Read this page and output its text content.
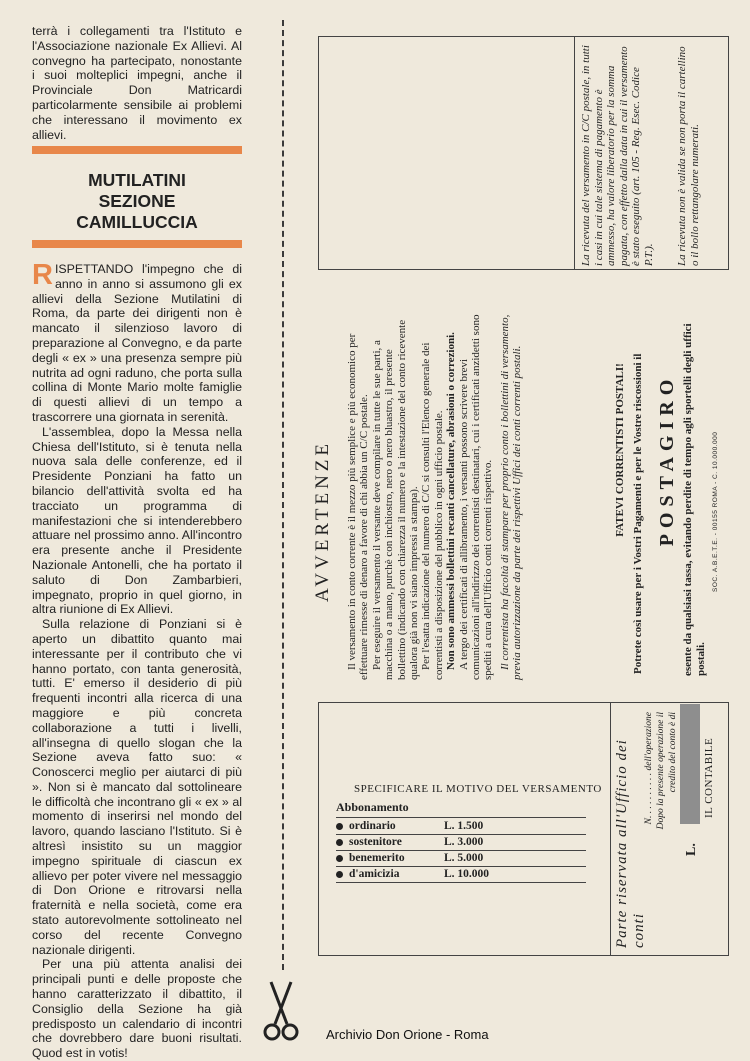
terrà i collegamenti tra l'Istituto e l'Associazione nazionale Ex Allievi. Al convegno ha partecipato, nonostante i suoi molteplici impegni, anche il Provinciale Don Matricardi particolarmente sensibile ai problemi che interessano il movimento ex allievi.

MUTILATINI
SEZIONE
CAMILLUCCIA

RISPETTANDO l'impegno che di anno in anno si assumono gli ex allievi della Sezione Mutilatini di Roma, da parte dei dirigenti non è mancato il silenzioso lavoro di preparazione al Convegno, e da parte degli « ex » una presenza sempre più nutrita ad ogni raduno, che porta sulla collina di Monte Mario molte famiglie di questi allievi di un tempo a trascorrere una giornata in serenità.

L'assemblea, dopo la Messa nella Chiesa dell'Istituto, si è tenuta nella nuova sala delle conferenze, ed il Presidente Ponziani ha fatto un bilancio dell'attività svolta ed ha tracciato un programma di manifestazioni che si intenderebbero attuare nel prossimo anno. All'incontro era presente anche il Presidente Nazionale Antonelli, che ha portato il saluto di Don Zambarbieri, impegnato, proprio in quel giorno, in altra riunione di Ex Allievi.

Sulla relazione di Ponziani si è aperto un dibattito quanto mai interessante per il contributo che vi hanno portato, con tanta generosità, tutti. E' emerso il desiderio di più frequenti incontri alla ricerca di una maggiore e più concreta collaborazione a tutti i livelli, all'insegna di quello slogan che la Sezione aveva fatto suo: « Conoscerci meglio per aiutarci di più ». Non si è mancato dal sottolineare le difficoltà che incontrano gli « ex » al momento di inserirsi nel mondo del lavoro, quando lasciano l'Istituto. Si è altresì insistito su un maggior impegno spirituale di ciascun ex allievo per poter vivere nel messaggio di Don Orione e ritrovarsi nella fraternità e nella società, come era stato autorevolmente sottolineato nel corso del recente Convegno nazionale dirigenti.

Per una più attenta analisi dei principali punti e delle proposte che hanno caratterizzato il dibattito, il Consiglio della Sezione ha già predisposto un calendario di incontri che dovrebbero dare buoni risultati. Quod est in votis!

Archivio Don Orione - Roma
La ricevuta del versamento in C/C postale, in tutti i casi in cui tale sistema di pagamento è ammesso, ha valore liberatorio per la somma pagata, con effetto dalla data in cui il versamento è stato eseguito (art. 105 - Reg. Esec. Codice P.T.). La ricevuta non è valida se non porta il cartellino o il bollo rettangolare numerati.
AVVERTENZE Il versamento in conto corrente è il mezzo più semplice e più economico per effettuare rimesse di denaro a favore di chi abbia un C/C postale. Per eseguire il versamento il versante deve compilare in tutte le sue parti, a macchina o a mano, purchè con inchiostro, nero o nero bluastro, il presente bollettino (indicando con chiarezza il numero e la intestazione del conto ricevente qualora già non vi siano impressi a stampa). Per l'esatta indicazione del numero di C/C si consulti l'Elenco generale dei correntisti a disposizione del pubblico in ogni ufficio postale. Non sono ammessi bollettini recanti cancellature, abrasioni o correzioni. A tergo dei certificati di allibramento, i versanti possono scrivere brevi comunicazioni all'indirizzo dei correntisti destinatari, cui i certificati anzidetti sono spediti a cura dell'Ufficio conti correnti rispettivo. Il correntista ha facoltà di stampare per proprio conto i bollettini di versamento, previa autorizzazione da parte dei rispettivi Uffici dei conti correnti postali.	FATEVI CORRENTISTI POSTALI! Potrete così usare per i Vostri Pagamenti e per le Vostre riscossioni il POSTAGIRO esente da qualsiasi tassa, evitando perdite di tempo agli sportelli degli uffici postali.
SOC. A.B.E.T.E. - 00155 ROMA - C. 10.000.000
SPECIFICARE IL MOTIVO DEL VERSAMENTO
Abbonamento
ordinario	L. 1.500
sostenitore	L. 3.000
benemerito	L. 5.000
d'amicizia	L. 10.000	Parte riservata all'Ufficio dei conti
N. . . . . . . . . . dell'operazione Dopo la presente operazione il credito del conto è di
L.
IL CONTABILE
